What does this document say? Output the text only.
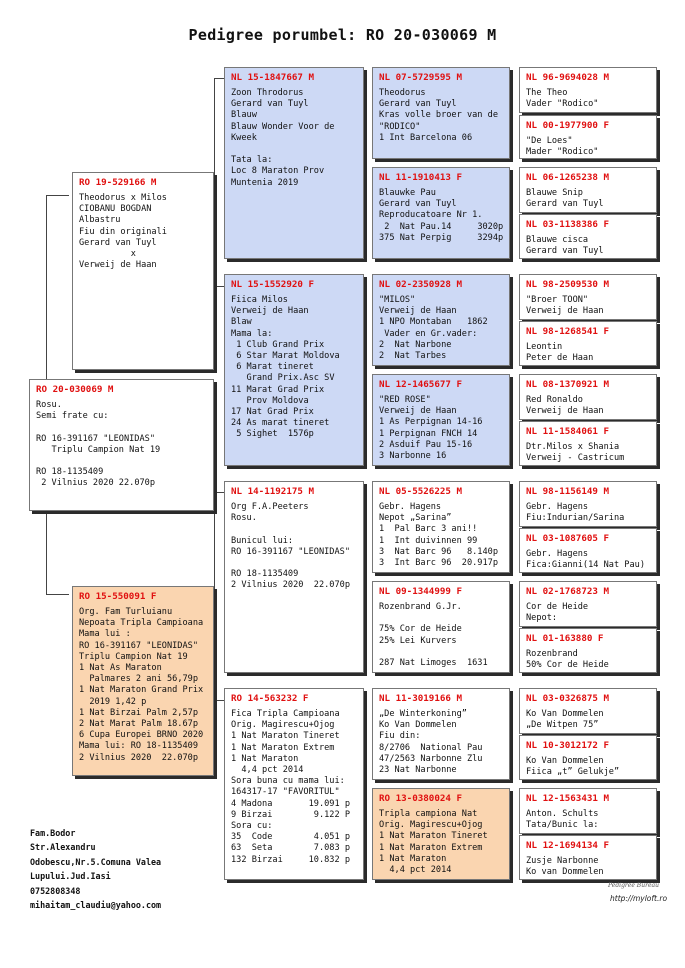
Pedigree porumbel: RO 20-030069 M
RO 20-030069 M
Rosu.
Semi frate cu:

RO 16-391167 "LEONIDAS"
Triplu Campion Nat 19

RO 18-1135409
2 Vilnius 2020 22.070p
RO 19-529166 M
Theodorus x Milos
CIOBANU BOGDAN
Albastru
Fiu din originali
Gerard van Tuyl
x
Verweij de Haan
RO 15-550091 F
Org. Fam Turluianu
Nepoata Tripla Campioana
Mama lui :
RO 16-391167 "LEONIDAS"
Triplu Campion Nat 19
1 Nat As Maraton
Palmares 2 ani 56,79p
1 Nat Maraton Grand Prix
2019 1,42 p
1 Nat Birzai Palm 2,57p
2 Nat Marat Palm 18.67p
6 Cupa Europei BRNO 2020
Mama lui: RO 18-1135409
2 Vilnius 2020  22.070p
NL 15-1847667 M
Zoon Throdorus
Gerard van Tuyl
Blauw
Blauw Wonder Voor de Kweek

Tata la:
Loc 8 Maraton Prov
Muntenia 2019
NL 15-1552920 F
Fiica Milos
Verweij de Haan
Blaw
Mama la:
1 Club Grand Prix
6 Star Marat Moldova
6 Marat tineret
Grand Prix.Asc SV
11 Marat Grad Prix
Prov Moldova
17 Nat Grad Prix
24 As marat tineret
5 Sighet  1576p
NL 14-1192175 M
Org F.A.Peeters
Rosu.

Bunicul lui:
RO 16-391167 "LEONIDAS"

RO 18-1135409
2 Vilnius 2020  22.070p
RO 14-563232 F
Fica Tripla Campioana
Orig. Magirescu+Ojog
1 Nat Maraton Tineret
1 Nat Maraton Extrem
1 Nat Maraton
4,4 pct 2014
Sora buna cu mama lui:
164317-17 "FAVORITUL"
4 Madona       19.091 p
9 Birzai        9.122 P
Sora cu:
35  Code        4.051 p
63  Seta        7.083 p
132 Birzai     10.832 p
NL 07-5729595 M
Theodorus
Gerard van Tuyl
Kras volle broer van de
"RODICO"
1 Int Barcelona 06
NL 11-1910413 F
Blauwke Pau
Gerard van Tuyl
Reproducatoare Nr 1.
2  Nat Pau.14     3020p
375 Nat Perpig     3294p
NL 02-2350928 M
"MILOS"
Verweij de Haan
1 NPO Montaban   1862
Vader en Gr.vader:
2  Nat Narbone
2  Nat Tarbes
NL 12-1465677 F
"RED ROSE"
Verweij de Haan
1 As Perpignan 14-16
1 Perpignan FNCH 14
2 Asduif Pau 15-16
3 Narbonne 16
NL 05-5526225 M
Gebr. Hagens
Nepot „Sarina”
1  Pal Barc 3 ani!!
1  Int duivinnen 99
3  Nat Barc 96   8.140p
3  Int Barc 96  20.917p
NL 09-1344999 F
Rozenbrand G.Jr.

75% Cor de Heide
25% Lei Kurvers

287 Nat Limoges  1631
NL 11-3019166 M
„De Winterkoning”
Ko Van Dommelen
Fiu din:
8/2706  National Pau
47/2563 Narbonne Zlu
23 Nat Narbonne
RO 13-0380024 F
Tripla campiona Nat
Orig. Magirescu+Ojog
1 Nat Maraton Tineret
1 Nat Maraton Extrem
1 Nat Maraton
4,4 pct 2014
NL 96-9694028 M
The Theo
Vader "Rodico"
NL 00-1977900 F
"De Loes"
Mader "Rodico"
NL 06-1265238 M
Blauwe Snip
Gerard van Tuyl
NL 03-1138386 F
Blauwe cisca
Gerard van Tuyl
NL 98-2509530 M
"Broer TOON"
Verweij de Haan
NL 98-1268541 F
Leontin
Peter de Haan
NL 08-1370921 M
Red Ronaldo
Verweij de Haan
NL 11-1584061 F
Dtr.Milos x Shania
Verweij - Castricum
NL 98-1156149 M
Gebr. Hagens
Fiu:Indurian/Sarina
NL 03-1087605 F
Gebr. Hagens
Fica:Gianni(14 Nat Pau)
NL 02-1768723 M
Cor de Heide
Nepot:
NL 01-163880 F
Rozenbrand
50% Cor de Heide
NL 03-0326875 M
Ko Van Dommelen
„De Witpen 75”
NL 10-3012172 F
Ko Van Dommelen
Fiica „t” Gelukje”
NL 12-1563431 M
Anton. Schults
Tata/Bunic la:
NL 12-1694134 F
Zusje Narbonne
Ko van Dommelen
Fam.Bodor
Str.Alexandru
Odobescu,Nr.5.Comuna Valea
Lupului.Jud.Iasi
0752808348
mihaitam_claudiu@yahoo.com
Pedigree Bureau
http://myloft.ro
